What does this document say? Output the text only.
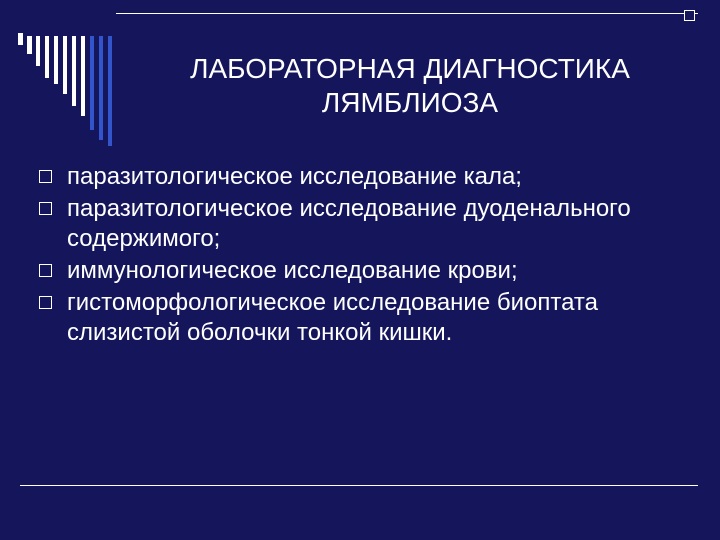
ЛАБОРАТОРНАЯ ДИАГНОСТИКА
ЛЯМБЛИОЗА
паразитологическое исследование кала;
паразитологическое исследование дуоденального содержимого;
иммунологическое исследование крови;
гистоморфологическое исследование биоптата слизистой оболочки тонкой кишки.
